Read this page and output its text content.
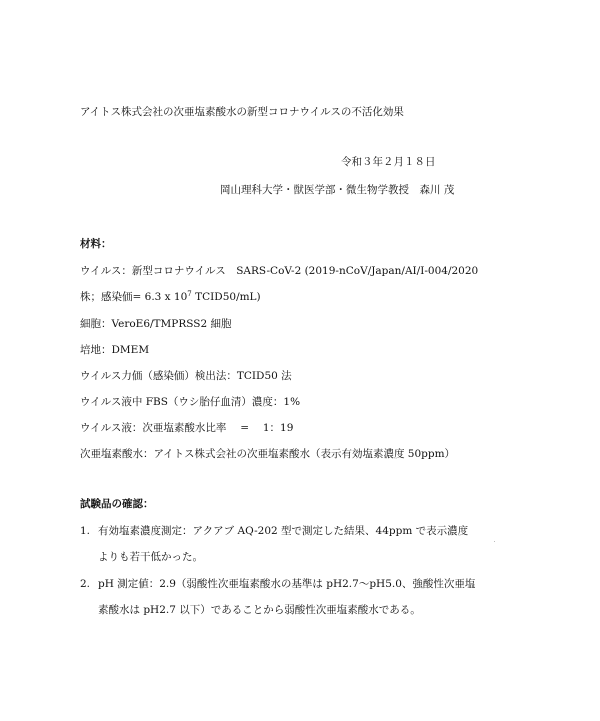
アイトス株式会社の次亜塩素酸水の新型コロナウイルスの不活化効果
令和３年２月１８日
岡山理科大学・獣医学部・微生物学教授　森川 茂
材料：
ウイルス：新型コロナウイルス　SARS-CoV-2 (2019-nCoV/Japan/AI/I-004/2020
株；感染価= 6.3 x $10^7$ TCID50/mL)
細胞：VeroE6/TMPRSS2 細胞
培地：DMEM
ウイルス力価（感染価）検出法：TCID50 法
ウイルス液中 FBS（ウシ胎仔血清）濃度：1%
ウイルス液：次亜塩素酸水比率　 =　 1：19
次亜塩素酸水：アイトス株式会社の次亜塩素酸水（表示有効塩素濃度 50ppm）
試験品の確認：
1. 有効塩素濃度測定：アクアブ AQ-202 型で測定した結果、44ppm で表示濃度
よりも若干低かった。
2. pH 測定値：2.9（弱酸性次亜塩素酸水の基準は pH2.7～pH5.0、強酸性次亜塩
素酸水は pH2.7 以下）であることから弱酸性次亜塩素酸水である。
